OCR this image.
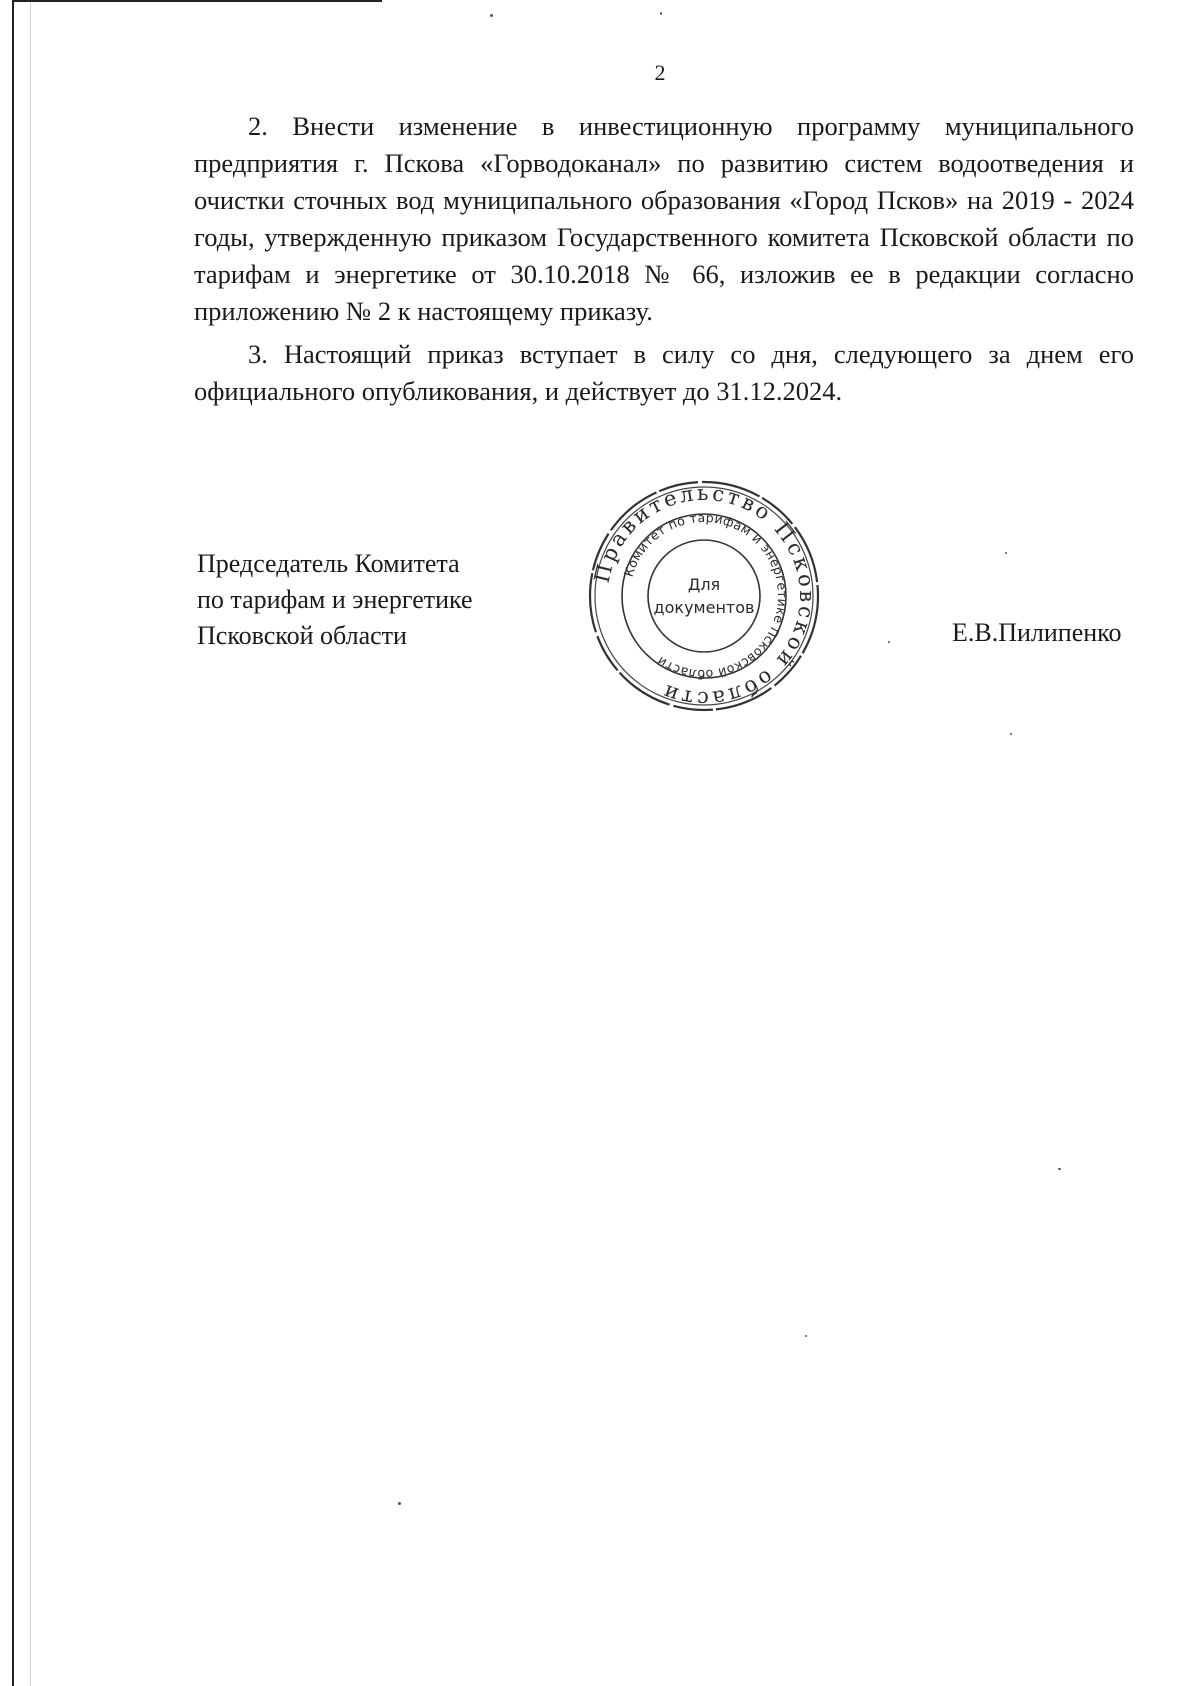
2

2. Внести изменение в инвестиционную программу муниципального предприятия г. Пскова «Горводоканал» по развитию систем водоотведения и очистки сточных вод муниципального образования «Город Псков» на 2019 - 2024 годы, утвержденную приказом Государственного комитета Псковской области по тарифам и энергетике от 30.10.2018 № 66, изложив ее в редакции согласно приложению № 2 к настоящему приказу.

3. Настоящий приказ вступает в силу со дня, следующего за днем его официального опубликования, и действует до 31.12.2024.

Председатель Комитета
по тарифам и энергетике
Псковской области	Е.В.Пилипенко
Правительство Псковской области
Комитет по тарифам и энергетике Псковской области
Для
документов
